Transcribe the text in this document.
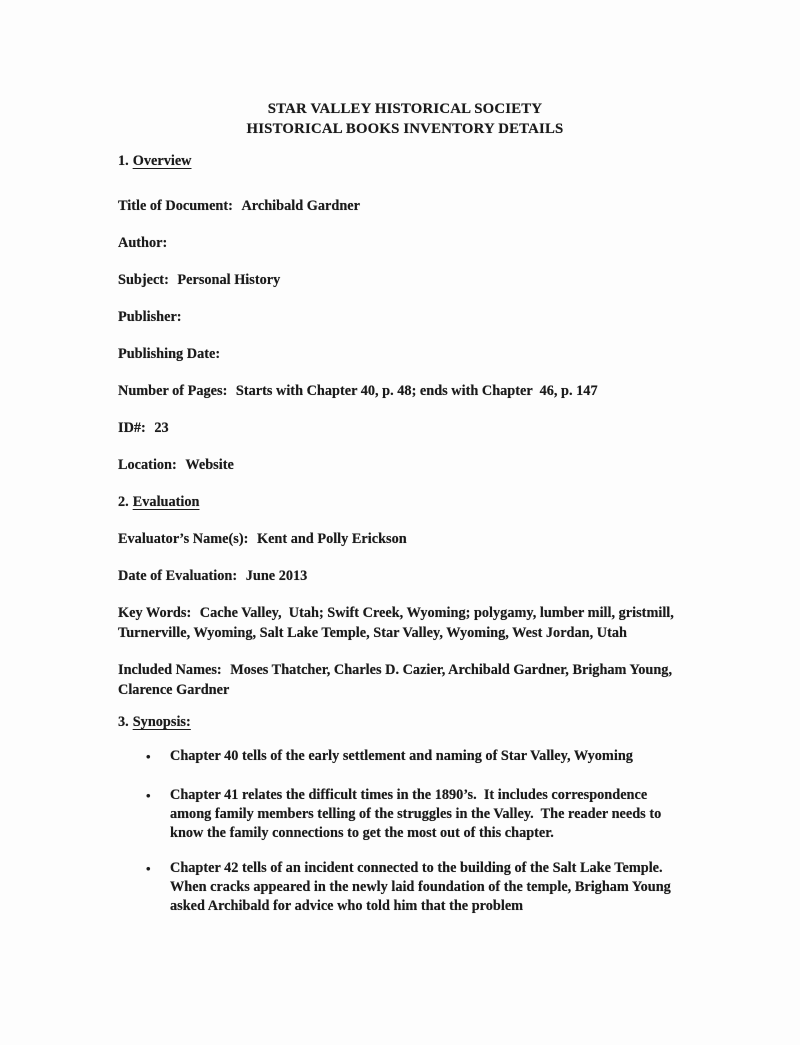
STAR VALLEY HISTORICAL SOCIETY
HISTORICAL BOOKS INVENTORY DETAILS
1. Overview

Title of Document: Archibald Gardner

Author:

Subject: Personal History

Publisher:

Publishing Date:

Number of Pages: Starts with Chapter 40, p. 48; ends with Chapter  46, p. 147

ID#: 23

Location: Website

2. Evaluation

Evaluator’s Name(s): Kent and Polly Erickson

Date of Evaluation: June 2013

Key Words: Cache Valley,  Utah; Swift Creek, Wyoming; polygamy, lumber mill, gristmill, Turnerville, Wyoming, Salt Lake Temple, Star Valley, Wyoming, West Jordan, Utah

Included Names: Moses Thatcher, Charles D. Cazier, Archibald Gardner, Brigham Young, Clarence Gardner

3. Synopsis:
•	Chapter 40 tells of the early settlement and naming of Star Valley, Wyoming
•	Chapter 41 relates the difficult times in the 1890’s.  It includes correspondence among family members telling of the struggles in the Valley.  The reader needs to know the family connections to get the most out of this chapter.
•	Chapter 42 tells of an incident connected to the building of the Salt Lake Temple.  When cracks appeared in the newly laid foundation of the temple, Brigham Young asked Archibald for advice who told him that the problem
